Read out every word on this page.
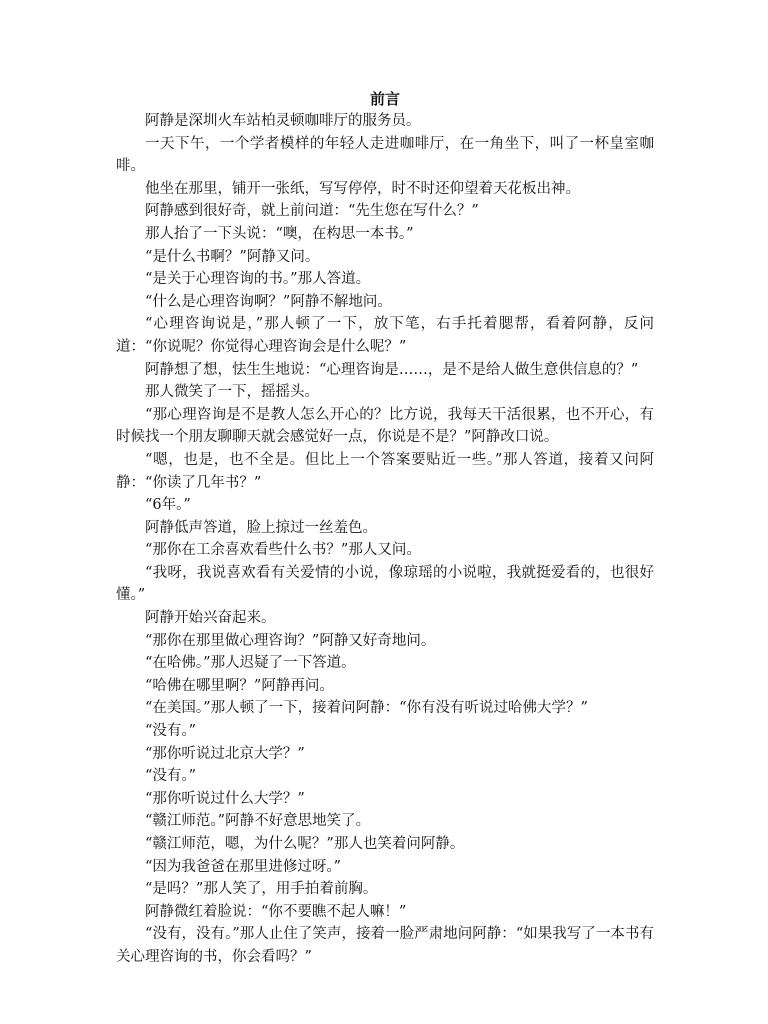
前言

阿静是深圳火车站柏灵顿咖啡厅的服务员。

一天下午，一个学者模样的年轻人走进咖啡厅，在一角坐下，叫了一杯皇室咖啡。

他坐在那里，铺开一张纸，写写停停，时不时还仰望着天花板出神。

阿静感到很好奇，就上前问道：“先生您在写什么？”

那人抬了一下头说：“噢，在构思一本书。”

“是什么书啊？”阿静又问。

“是关于心理咨询的书。”那人答道。

“什么是心理咨询啊？”阿静不解地问。

“心理咨询说是，”那人顿了一下，放下笔，右手托着腮帮，看着阿静，反问道：“你说呢？你觉得心理咨询会是什么呢？”

阿静想了想，怯生生地说：“心理咨询是……，是不是给人做生意供信息的？”

那人微笑了一下，摇摇头。

“那心理咨询是不是教人怎么开心的？比方说，我每天干活很累，也不开心，有时候找一个朋友聊聊天就会感觉好一点，你说是不是？”阿静改口说。

“嗯，也是，也不全是。但比上一个答案要贴近一些。”那人答道，接着又问阿静：“你读了几年书？”

“6年。”

阿静低声答道，脸上掠过一丝羞色。

“那你在工余喜欢看些什么书？”那人又问。

“我呀，我说喜欢看有关爱情的小说，像琼瑶的小说啦，我就挺爱看的，也很好懂。”

阿静开始兴奋起来。

“那你在那里做心理咨询？”阿静又好奇地问。

“在哈佛。”那人迟疑了一下答道。

“哈佛在哪里啊？”阿静再问。

“在美国。”那人顿了一下，接着问阿静：“你有没有听说过哈佛大学？”

“没有。”

“那你听说过北京大学？”

“没有。”

“那你听说过什么大学？”

“赣江师范。”阿静不好意思地笑了。

“赣江师范，嗯，为什么呢？”那人也笑着问阿静。

“因为我爸爸在那里进修过呀。”

“是吗？”那人笑了，用手拍着前胸。

阿静微红着脸说：“你不要瞧不起人嘛！”

“没有，没有。”那人止住了笑声，接着一脸严肃地问阿静：“如果我写了一本书有关心理咨询的书，你会看吗？”
